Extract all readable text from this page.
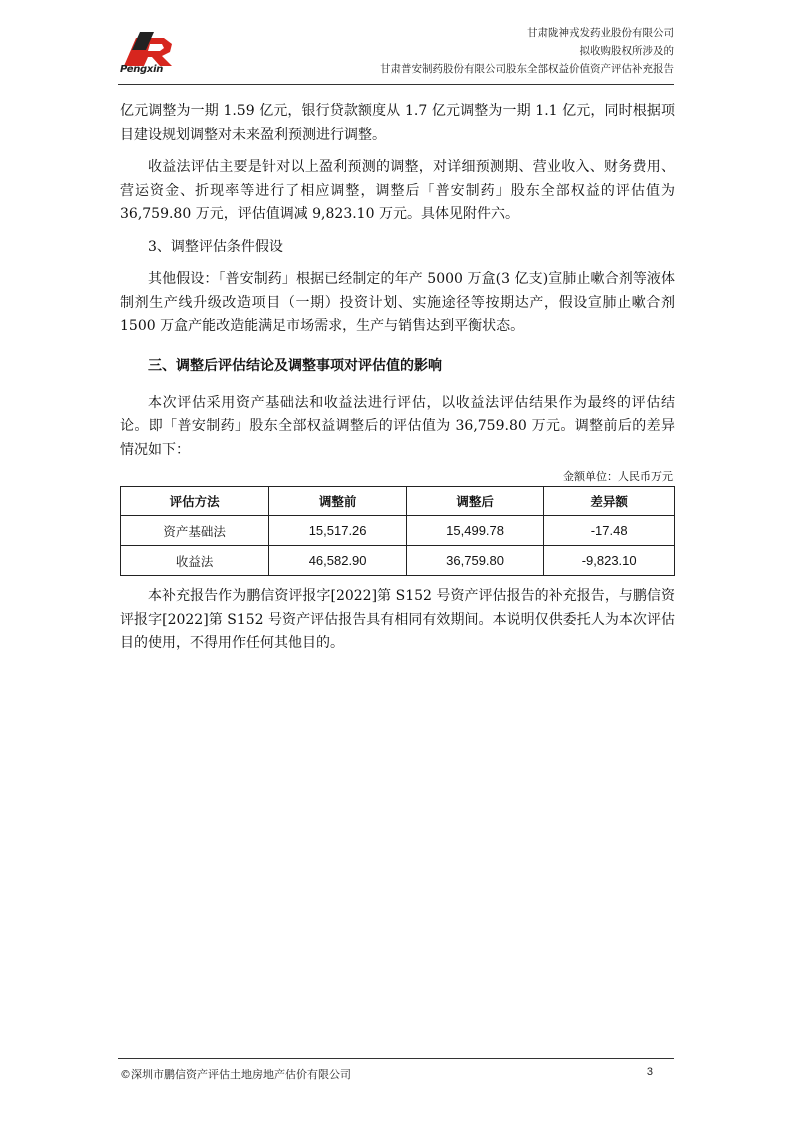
Pengxin
甘肃陇神戎发药业股份有限公司
拟收购股权所涉及的
甘肃普安制药股份有限公司股东全部权益价值资产评估补充报告

亿元调整为一期 1.59 亿元，银行贷款额度从 1.7 亿元调整为一期 1.1 亿元，同时根据项目建设规划调整对未来盈利预测进行调整。

收益法评估主要是针对以上盈利预测的调整，对详细预测期、营业收入、财务费用、营运资金、折现率等进行了相应调整，调整后「普安制药」股东全部权益的评估值为 36,759.80 万元，评估值调减 9,823.10 万元。具体见附件六。

3、调整评估条件假设

其他假设：「普安制药」根据已经制定的年产 5000 万盒(3 亿支)宣肺止嗽合剂等液体制剂生产线升级改造项目（一期）投资计划、实施途径等按期达产，假设宣肺止嗽合剂 1500 万盒产能改造能满足市场需求，生产与销售达到平衡状态。

三、调整后评估结论及调整事项对评估值的影响

本次评估采用资产基础法和收益法进行评估，以收益法评估结果作为最终的评估结论。即「普安制药」股东全部权益调整后的评估值为 36,759.80 万元。调整前后的差异情况如下：

金额单位：人民币万元

评估方法	调整前	调整后	差异额
资产基础法	15,517.26	15,499.78	-17.48
收益法	46,582.90	36,759.80	-9,823.10

本补充报告作为鹏信资评报字[2022]第 S152 号资产评估报告的补充报告，与鹏信资评报字[2022]第 S152 号资产评估报告具有相同有效期间。本说明仅供委托人为本次评估目的使用，不得用作任何其他目的。

©深圳市鹏信资产评估土地房地产估价有限公司	3
